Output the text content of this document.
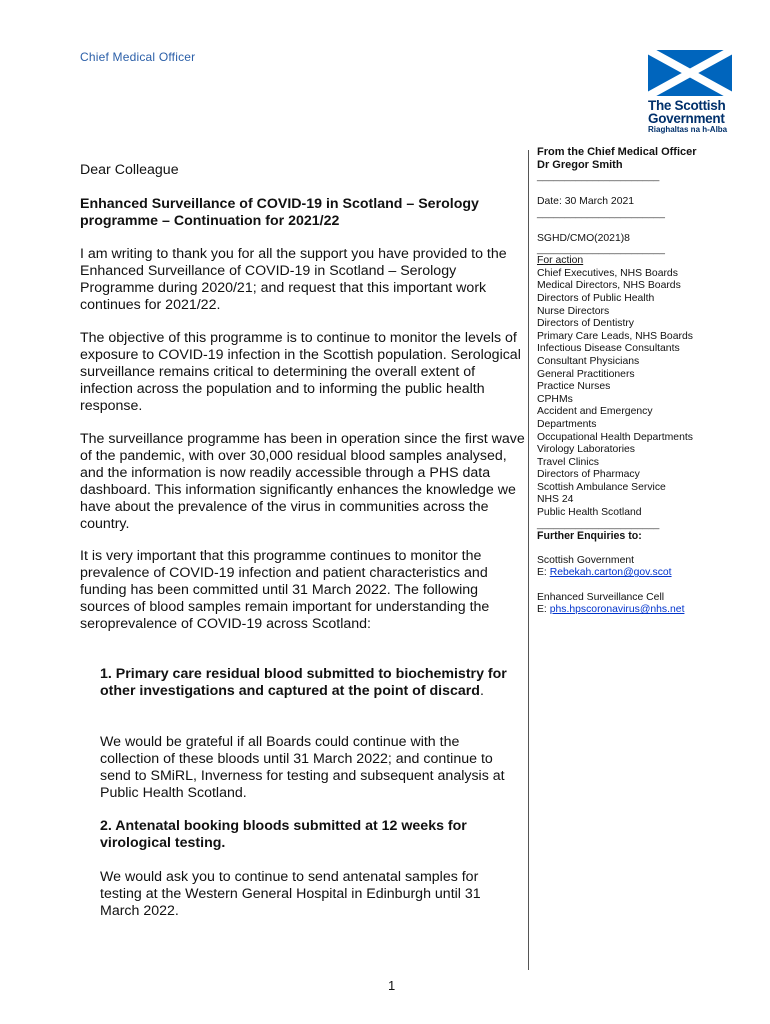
Chief Medical Officer
The Scottish
Government
Riaghaltas na h-Alba
Dear Colleague
Enhanced Surveillance of COVID-19 in Scotland – Serology
programme – Continuation for 2021/22

I am writing to thank you for all the support you have provided to the Enhanced Surveillance of COVID-19 in Scotland – Serology Programme during 2020/21; and request that this important work continues for 2021/22.

The objective of this programme is to continue to monitor the levels of exposure to COVID-19 infection in the Scottish population. Serological surveillance remains critical to determining the overall extent of infection across the population and to informing the public health response.

The surveillance programme has been in operation since the first wave of the pandemic, with over 30,000 residual blood samples analysed, and the information is now readily accessible through a PHS data dashboard. This information significantly enhances the knowledge we have about the prevalence of the virus in communities across the country.

It is very important that this programme continues to monitor the prevalence of COVID-19 infection and patient characteristics and funding has been committed until 31 March 2022. The following sources of blood samples remain important for understanding the seroprevalence of COVID-19 across Scotland:

1. Primary care residual blood submitted to biochemistry for other investigations and captured at the point of discard.

We would be grateful if all Boards could continue with the collection of these bloods until 31 March 2022; and continue to send to SMiRL, Inverness for testing and subsequent analysis at Public Health Scotland.

2. Antenatal booking bloods submitted at 12 weeks for virological testing.

We would ask you to continue to send antenatal samples for testing at the Western General Hospital in Edinburgh until 31 March 2022.

From the Chief Medical Officer
Dr Gregor Smith
______________________
Date: 30 March 2021
_______________________
SGHD/CMO(2021)8
_______________________
For action
Chief Executives, NHS Boards
Medical Directors, NHS Boards
Directors of Public Health
Nurse Directors
Directors of Dentistry
Primary Care Leads, NHS Boards
Infectious Disease Consultants
Consultant Physicians
General Practitioners
Practice Nurses
CPHMs
Accident and Emergency
Departments
Occupational Health Departments
Virology Laboratories
Travel Clinics
Directors of Pharmacy
Scottish Ambulance Service
NHS 24
Public Health Scotland
______________________
Further Enquiries to:
Scottish Government
E: Rebekah.carton@gov.scot
Enhanced Surveillance Cell
E: phs.hpscoronavirus@nhs.net
1
